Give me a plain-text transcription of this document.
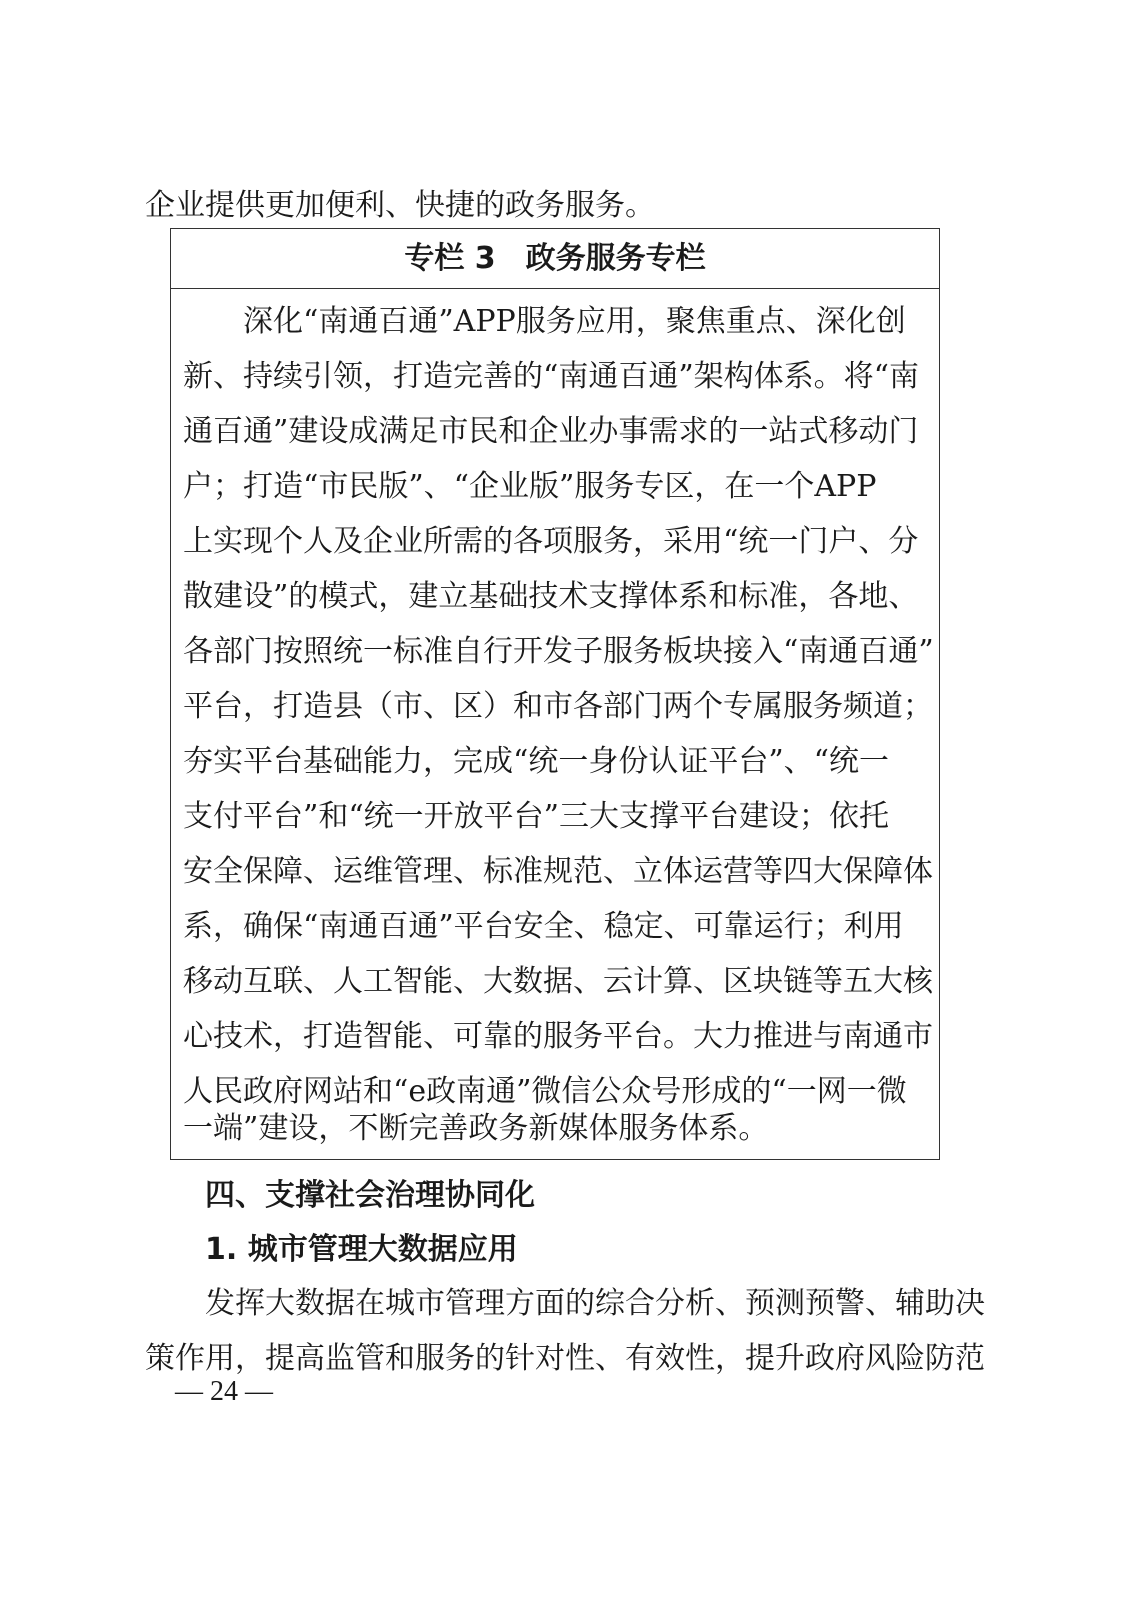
企业提供更加便利、快捷的政务服务。
专栏 3　政务服务专栏
　　深化“南通百通”APP服务应用，聚焦重点、深化创
新、持续引领，打造完善的“南通百通”架构体系。将“南
通百通”建设成满足市民和企业办事需求的一站式移动门
户；打造“市民版”、“企业版”服务专区，在一个APP
上实现个人及企业所需的各项服务，采用“统一门户、分
散建设”的模式，建立基础技术支撑体系和标准，各地、
各部门按照统一标准自行开发子服务板块接入“南通百通”
平台，打造县（市、区）和市各部门两个专属服务频道；
夯实平台基础能力，完成“统一身份认证平台”、“统一
支付平台”和“统一开放平台”三大支撑平台建设；依托
安全保障、运维管理、标准规范、立体运营等四大保障体
系，确保“南通百通”平台安全、稳定、可靠运行；利用
移动互联、人工智能、大数据、云计算、区块链等五大核
心技术，打造智能、可靠的服务平台。大力推进与南通市
人民政府网站和“e政南通”微信公众号形成的“一网一微
一端”建设，不断完善政务新媒体服务体系。
四、支撑社会治理协同化
1. 城市管理大数据应用
　　发挥大数据在城市管理方面的综合分析、预测预警、辅助决
策作用，提高监管和服务的针对性、有效性，提升政府风险防范
— 24 —
